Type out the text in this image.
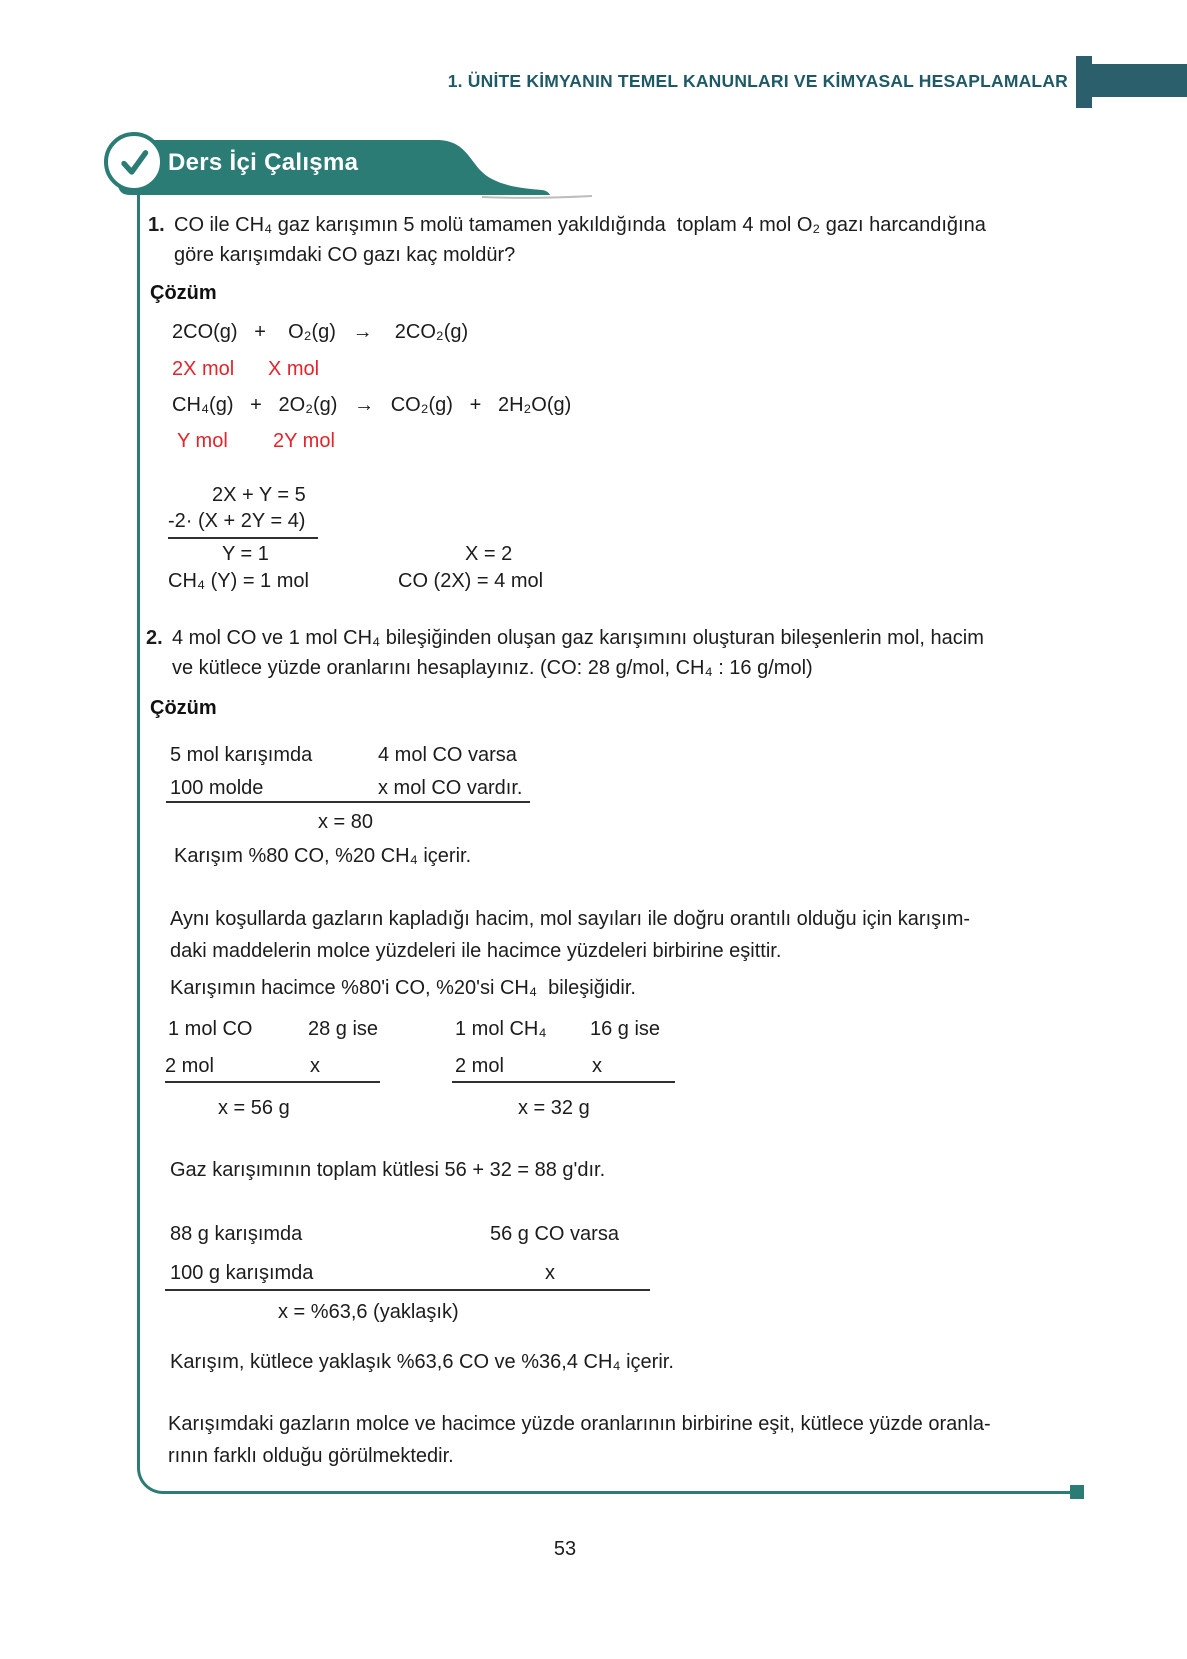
1. ÜNİTE KİMYANIN TEMEL KANUNLARI VE KİMYASAL HESAPLAMALAR
Ders İçi Çalışma
1. CO ile CH₄ gaz karışımın 5 molü tamamen yakıldığında  toplam 4 mol O₂ gazı harcandığına
göre karışımdaki CO gazı kaç moldür?
Çözüm
2CO(g)   +    O₂(g)   →    2CO₂(g)
2X mol X mol
CH₄(g)   +   2O₂(g)   →   CO₂(g)   +   2H₂O(g)
Y mol 2Y mol
2X + Y = 5
-2· (X + 2Y = 4)
Y = 1	X = 2
CH₄ (Y) = 1 mol	CO (2X) = 4 mol
2. 4 mol CO ve 1 mol CH₄ bileşiğinden oluşan gaz karışımını oluşturan bileşenlerin mol, hacim
ve kütlece yüzde oranlarını hesaplayınız. (CO: 28 g/mol, CH₄ : 16 g/mol)
Çözüm
5 mol karışımda	4 mol CO varsa
100 molde	x mol CO vardır.
x = 80
Karışım %80 CO, %20 CH₄ içerir.
Aynı koşullarda gazların kapladığı hacim, mol sayıları ile doğru orantılı olduğu için karışım-
daki maddelerin molce yüzdeleri ile hacimce yüzdeleri birbirine eşittir.
Karışımın hacimce %80'i CO, %20'si CH₄  bileşiğidir.
1 mol CO	28 g ise	1 mol CH₄ 16 g ise
2 mol	x	2 mol	x
x = 56 g	x = 32 g
Gaz karışımının toplam kütlesi 56 + 32 = 88 g'dır.
88 g karışımda	56 g CO varsa
100 g karışımda	x
x = %63,6 (yaklaşık)
Karışım, kütlece yaklaşık %63,6 CO ve %36,4 CH₄ içerir.
Karışımdaki gazların molce ve hacimce yüzde oranlarının birbirine eşit, kütlece yüzde oranla-
rının farklı olduğu görülmektedir.
53
